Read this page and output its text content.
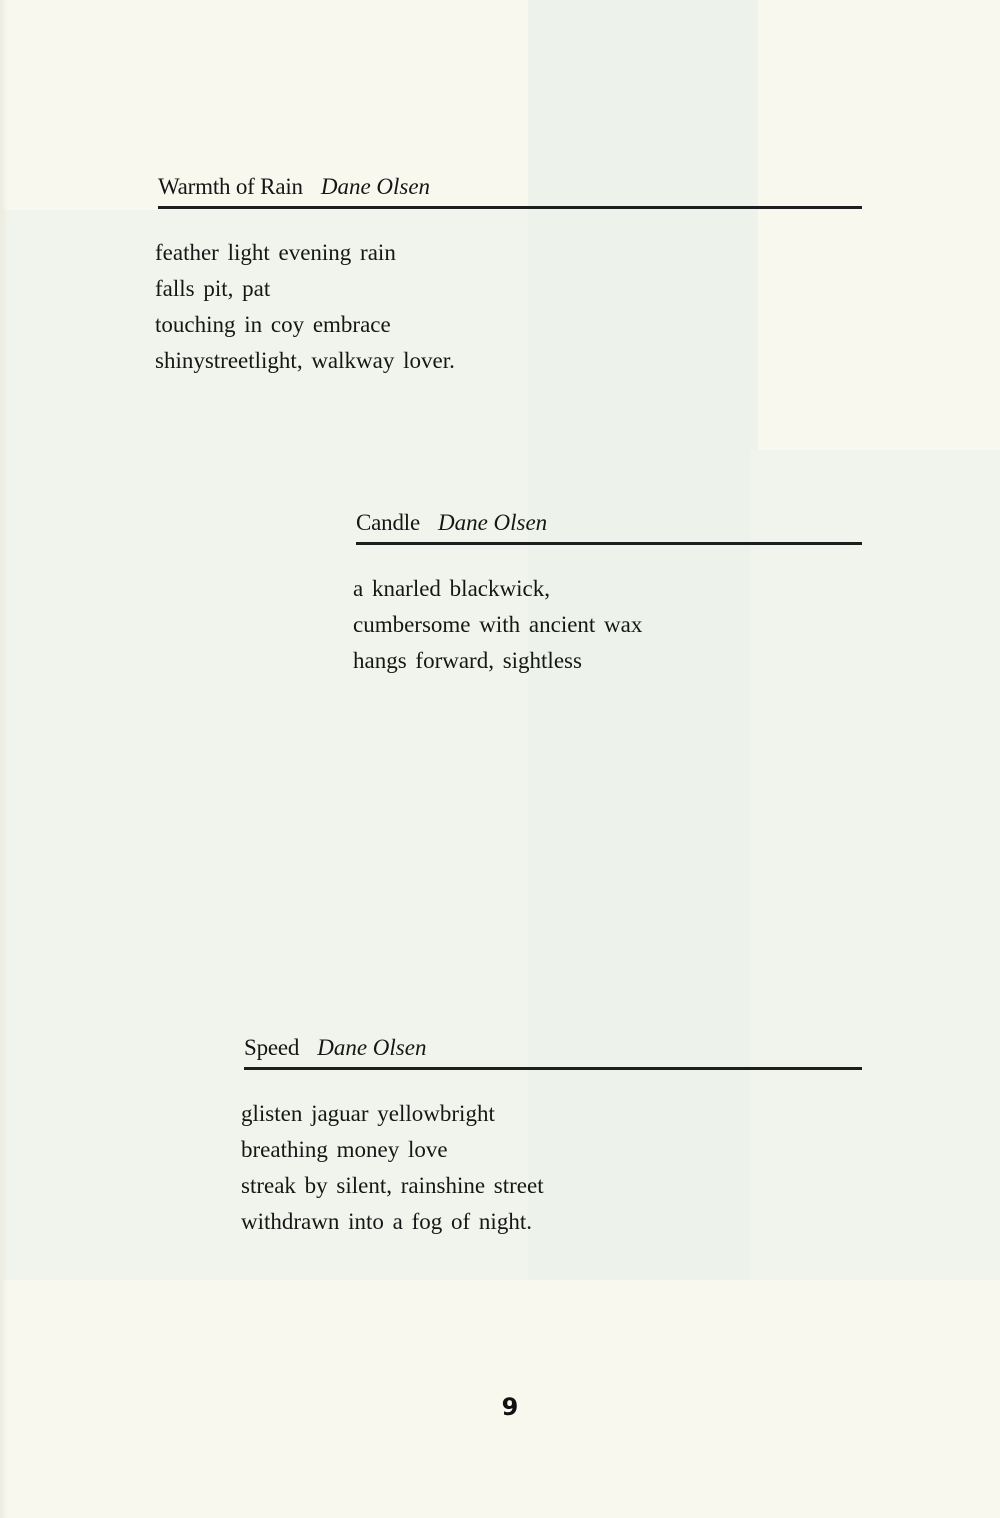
Warmth of Rain Dane Olsen
feather light evening rain
falls pit, pat
touching in coy embrace
shinystreetlight, walkway lover.
Candle Dane Olsen
a knarled blackwick,
cumbersome with ancient wax
hangs forward, sightless
Speed Dane Olsen
glisten jaguar yellowbright
breathing money love
streak by silent, rainshine street
withdrawn into a fog of night.
9
